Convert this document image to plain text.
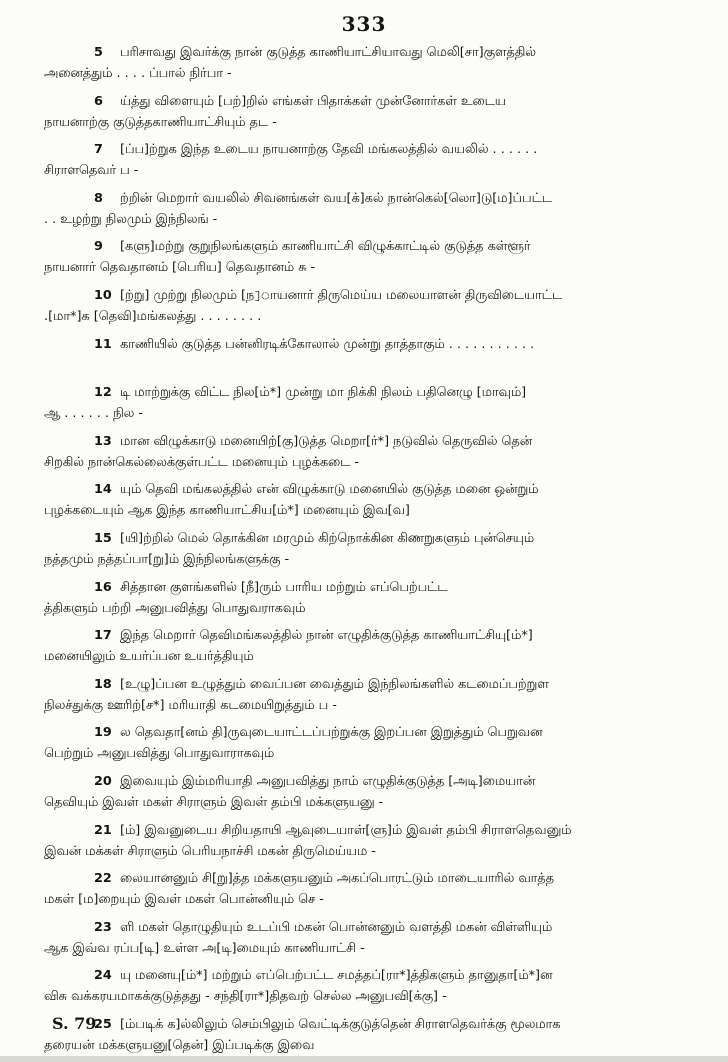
333
5 பரிசாவது இவர்க்கு நான் குடுத்த காணியாட்சியாவது மெலி[சா]குளத்தில்
அனைத்தும் . . . . ப்பால் நிர்பா -
6 ய்த்து விளையும் [பற்]றில் எங்கள் பிதாக்கள் முன்னோர்கள் உடைய
நாயனாற்கு குடுத்தகாணியாட்சியும் தட -
7 [ப்ப]ற்றுக இந்த உடைய நாயனாற்கு தேவி மங்கலத்தில் வயலில் . . . . . .
சிராளதெவர் ப -
8 ற்றின் மெறார் வயலில் சிவனங்கள் வய[க்]கல் நான்கெல்[லொ]டு[ம]ப்பட்ட
. . உழற்று நிலமும் இந்நிலங் -
9 [களு]மற்று குறுநிலங்களும் காணியாட்சி விழுக்காட்டில் குடுத்த கள்ளூர்
நாயனார் தெவதானம் [பெரிய] தெவதானம் சு -
10 [ற்று] முற்று நிலமும் [ந]ாயனார் திருமெய்ய மலையாளன் திருவிடையாட்ட
.[மா*]க [தெவி]மங்கலத்து . . . . . . . .
11 காணியில் குடுத்த பன்னிரடிக்கோலால் முன்று தாத்தாகும் . . . . . . . . . . .
12 டி மாற்றுக்கு விட்ட நில[ம்*] முன்று மா நிக்கி நிலம் பதினெழு [மாவும்]
ஆ . . . . . . நில -
13 மான விழுக்காடு மனையிற்[கு]டுத்த மெறா[ர்*] நடுவில் தெருவில் தென்
சிறகில் நான்கெல்லைக்குள்பட்ட மனையும் புழக்கடை -
14 யும் தெவி மங்கலத்தில் என் விழுக்காடு மனையில் குடுத்த மனை ஒன்றும்
புழக்கடையும் ஆக இந்த காணியாட்சிய[ம்*] மனையும் இவ[வ]
15 [யி]ற்றில் மெல் தொக்கின மரமும் கிற்நொக்கின கிணறுகளும் புன்செயும்
நத்தமும் நத்தப்பா[று]ம் இந்நிலங்களுக்கு -
16 சித்தான குளங்களில் [நீ]ரும் பாரிய மற்றும் எப்பெற்பட்ட
த்திகளும் பற்றி அனுபவித்து பொதுவராகவும்
17 இந்த மெறார் தெவிமங்கலத்தில் நான் எழுதிக்குடுத்த காணியாட்சியு[ம்*]
மனையிலும் உயர்ப்பன உயர்த்தியும்
18 [உழு]ப்பன உழுத்தும் வைப்பன வைத்தும் இந்நிலங்களில் கடமைப்பற்றுள
நிலச்துக்கு ஊரிற்[ச*] மரியாதி கடமையிறுத்தும் ப -
19 ல தெவதா[னம் தி]ருவுடையாட்டப்பற்றுக்கு இறப்பன இறுத்தும் பெறுவன
பெற்றும் அனுபவித்து பொதுவாராகவும்
20 இவையும் இம்மரியாதி அனுபவித்து நாம் எழுதிக்குடுத்த [அடி]மையான்
தெவியும் இவள் மகள் சிராளும் இவள் தம்பி மக்களுயனு -
21 [ம்] இவனுடைய சிறியதாயி ஆவுடையாள்[ளு]ம் இவள் தம்பி சிராளதெவனும்
இவன் மக்கள் சிராளும் பெரியநாச்சி மகன் திருமெய்யம -
22 லையானனும் சி[று]த்த மக்களுயனும் அகப்பொரட்டும் மாடையாரில் வாத்த
மகள் [ம]றையும் இவள் மகள் பொன்னியும் செ -
23 ளி மகள் தொழுதியும் உடப்பி மகன் பொன்னனும் வளத்தி மகன் விள்ளியும்
ஆக இவ்வ ரப்ப[டி] உள்ள அ[டி]மையும் காணியாட்சி -
24 யு மனையு[ம்*] மற்றும் எப்பெற்பட்ட சமத்தப்[ரா*]த்திகளும் தானுதா[ம்*]ன
விசு வக்கரயமாகக்குடுத்தது - சந்தி[ரா*]திதவற் செல்ல அனுபவி[க்கு] -
25 [ம்படிக் க]ல்லிலும் செம்பிலும் வெட்டிக்குடுத்தென் சிராளதெவர்க்கு மூலமாக
தரையன் மக்களுயனு[தென்] இப்படிக்கு இவை
S. 79
